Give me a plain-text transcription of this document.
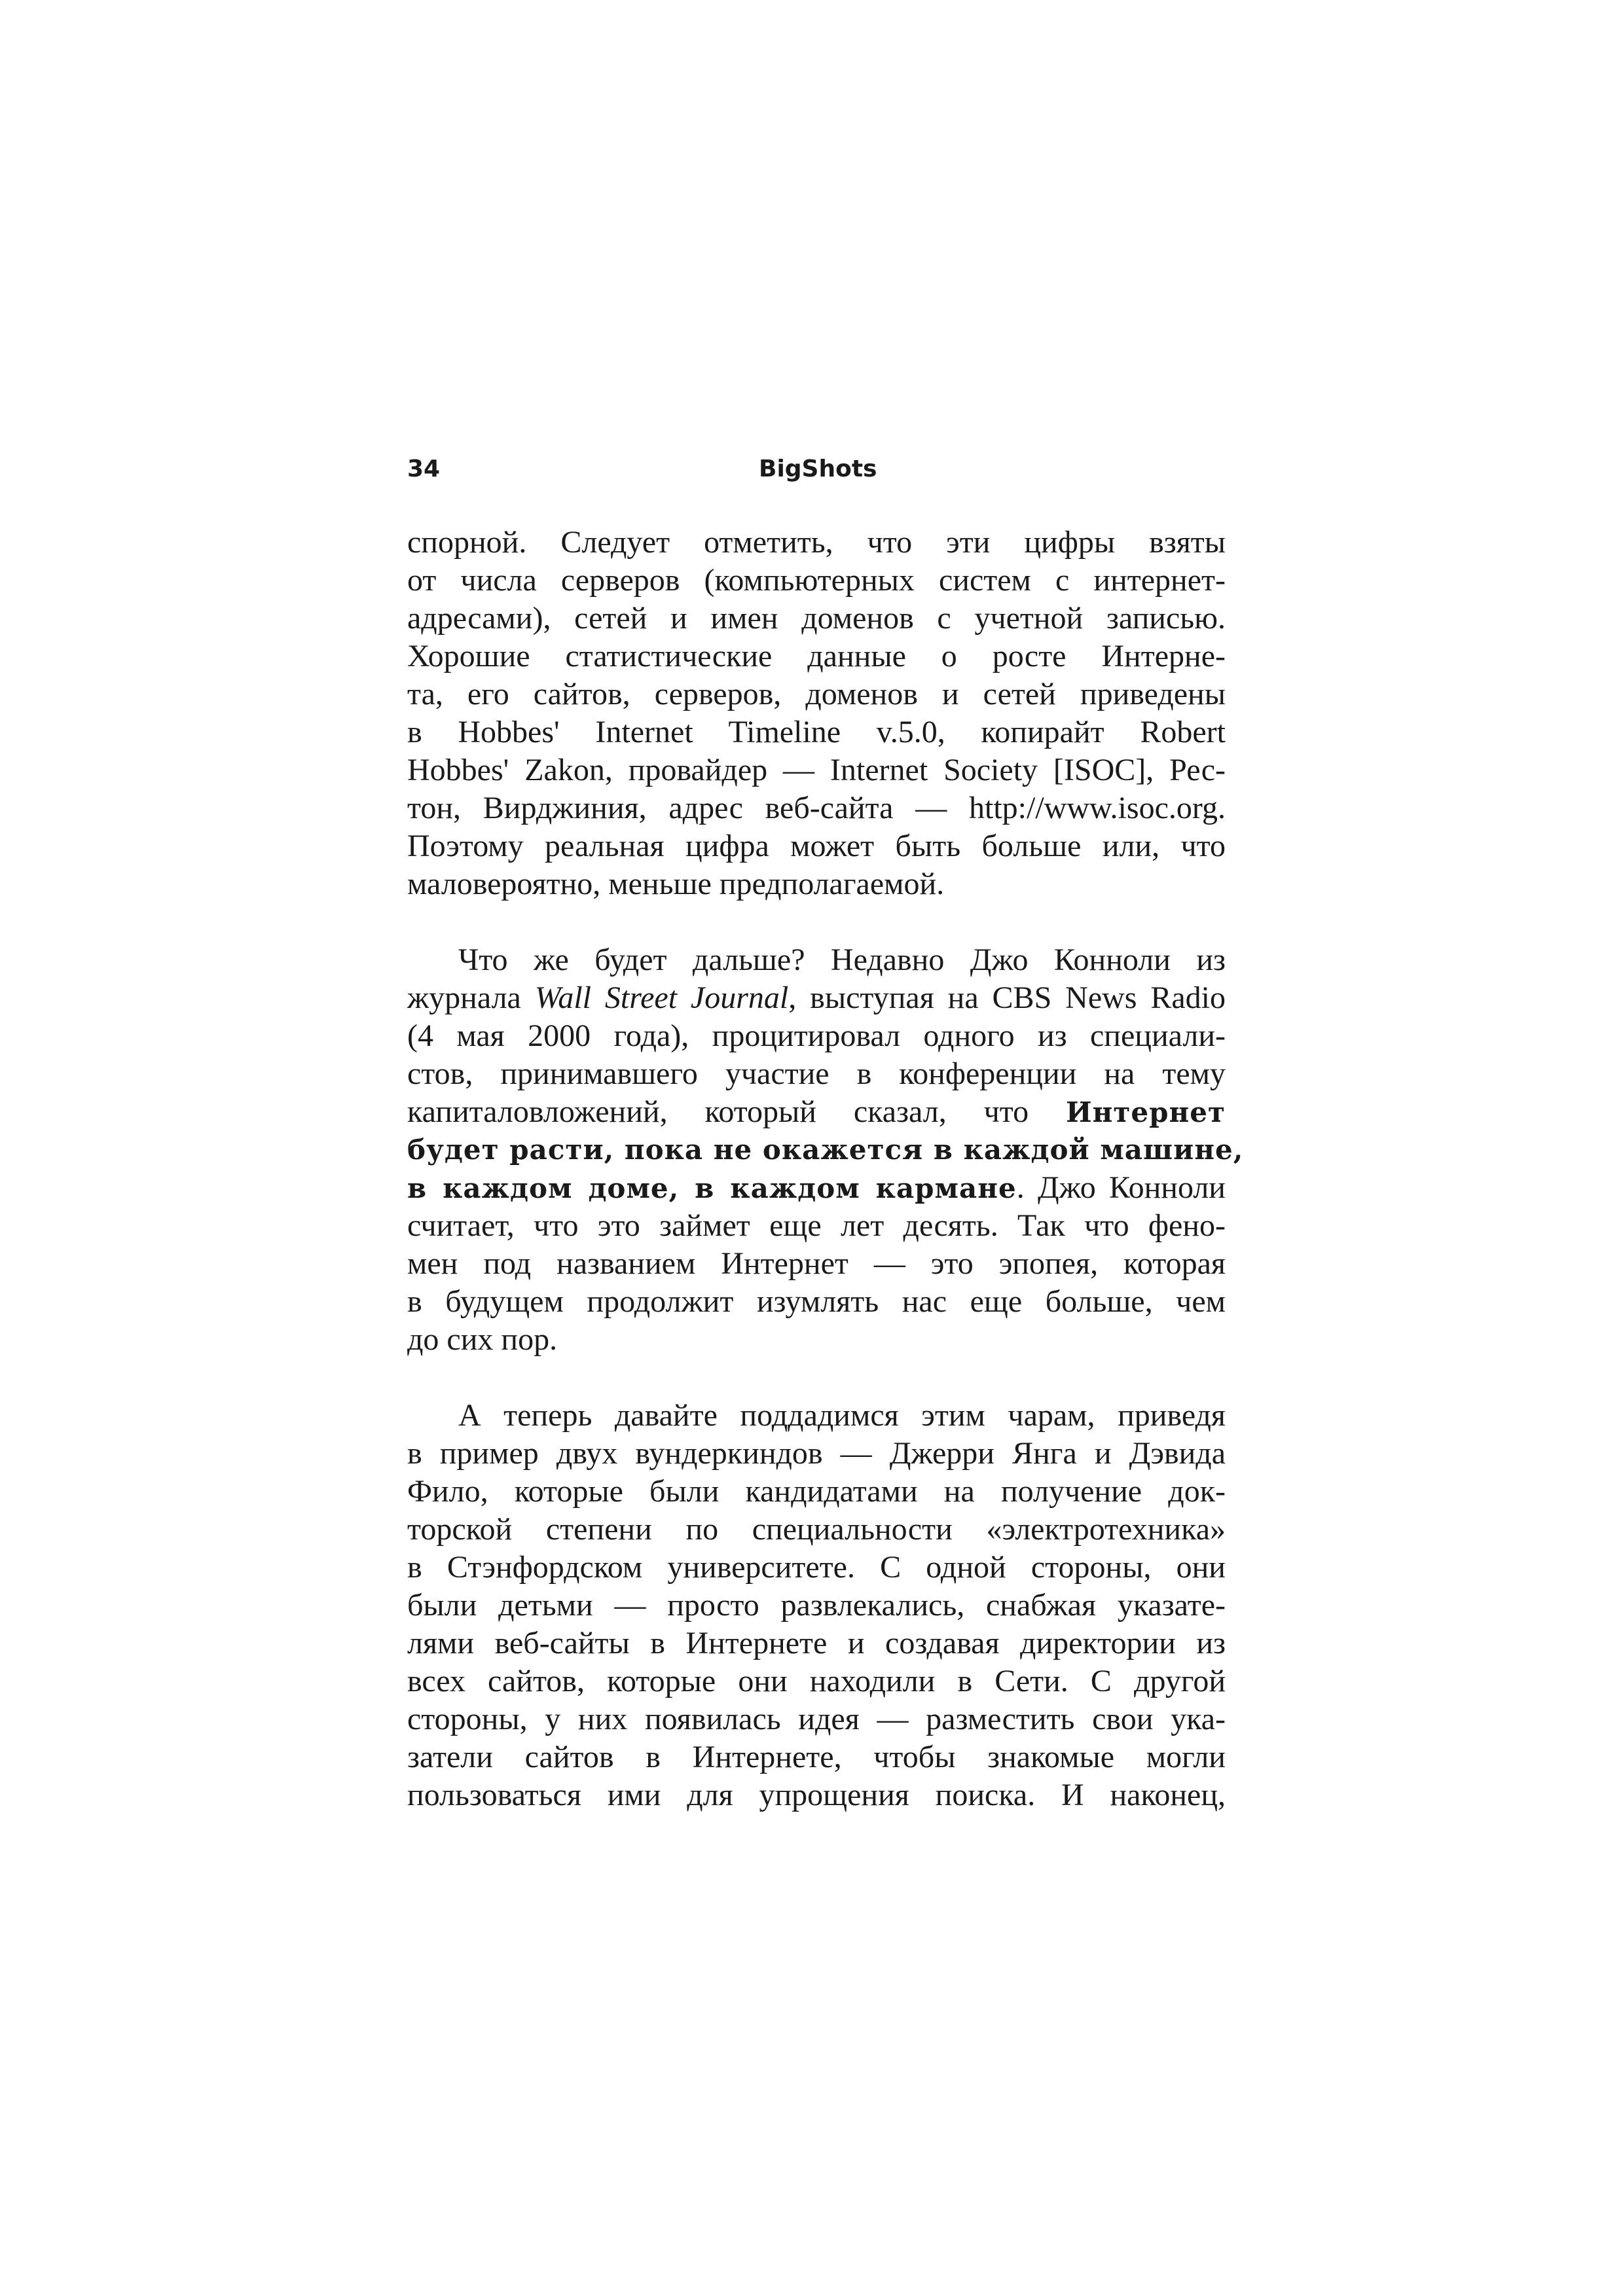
34	BigShots
спорной. Следует отметить, что эти цифры взяты
от числа серверов (компьютерных систем с интернет-
адресами), сетей и имен доменов с учетной записью.
Хорошие статистические данные о росте Интерне-
та, его сайтов, серверов, доменов и сетей приведены
в Hobbes' Internet Timeline v.5.0, копирайт Robert
Hobbes' Zakon, провайдер — Internet Society [ISOC], Рес-
тон, Вирджиния, адрес веб-сайта — http://www.isoc.org.
Поэтому реальная цифра может быть больше или, что
маловероятно, меньше предполагаемой.
Что же будет дальше? Недавно Джо Конноли из
журнала Wall Street Journal, выступая на CBS News Radio
(4 мая 2000 года), процитировал одного из специали-
стов, принимавшего участие в конференции на тему
капиталовложений, который сказал, что Интернет
будет расти, пока не окажется в каждой машине,
в каждом доме, в каждом кармане. Джо Конноли
считает, что это займет еще лет десять. Так что фено-
мен под названием Интернет — это эпопея, которая
в будущем продолжит изумлять нас еще больше, чем
до сих пор.
А теперь давайте поддадимся этим чарам, приведя
в пример двух вундеркиндов — Джерри Янга и Дэвида
Фило, которые были кандидатами на получение док-
торской степени по специальности «электротехника»
в Стэнфордском университете. С одной стороны, они
были детьми — просто развлекались, снабжая указате-
лями веб-сайты в Интернете и создавая директории из
всех сайтов, которые они находили в Сети. С другой
стороны, у них появилась идея — разместить свои ука-
затели сайтов в Интернете, чтобы знакомые могли
пользоваться ими для упрощения поиска. И наконец,
